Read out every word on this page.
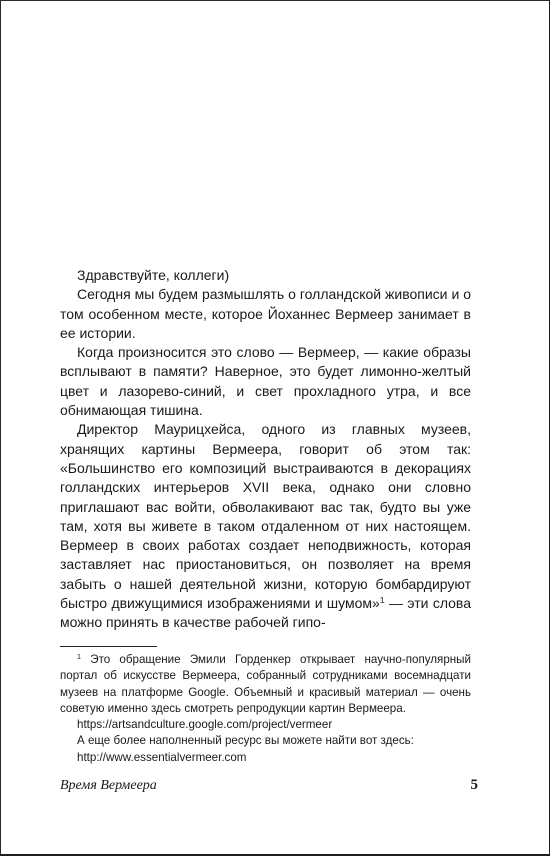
Здравствуйте, коллеги)

Сегодня мы будем размышлять о голландской живописи и о том особенном месте, которое Йоханнес Вермеер занимает в ее истории.

Когда произносится это слово — Вермеер, — какие образы всплывают в памяти? Наверное, это будет лимонно-желтый цвет и лазорево-синий, и свет прохладного утра, и все обнимающая тишина.

Директор Маурицхейса, одного из главных музеев, хранящих картины Вермеера, говорит об этом так: «Большинство его композиций выстраиваются в декорациях голландских интерьеров XVII века, однако они словно приглашают вас войти, обволакивают вас так, будто вы уже там, хотя вы живете в таком отдаленном от них настоящем. Вермеер в своих работах создает неподвижность, которая заставляет нас приостановиться, он позволяет на время забыть о нашей деятельной жизни, которую бомбардируют быстро движущимися изображениями и шумом»$^1$ — эти слова можно принять в качестве рабочей гипо-

$^1$ Это обращение Эмили Горденкер открывает научно-популярный портал об искусстве Вермеера, собранный сотрудниками восемнадцати музеев на платформе Google. Объемный и красивый материал — очень советую именно здесь смотреть репродукции картин Вермеера.

https://artsandculture.google.com/project/vermeer

А еще более наполненный ресурс вы можете найти вот здесь:

http://www.essentialvermeer.com

Время Вермеера	5
